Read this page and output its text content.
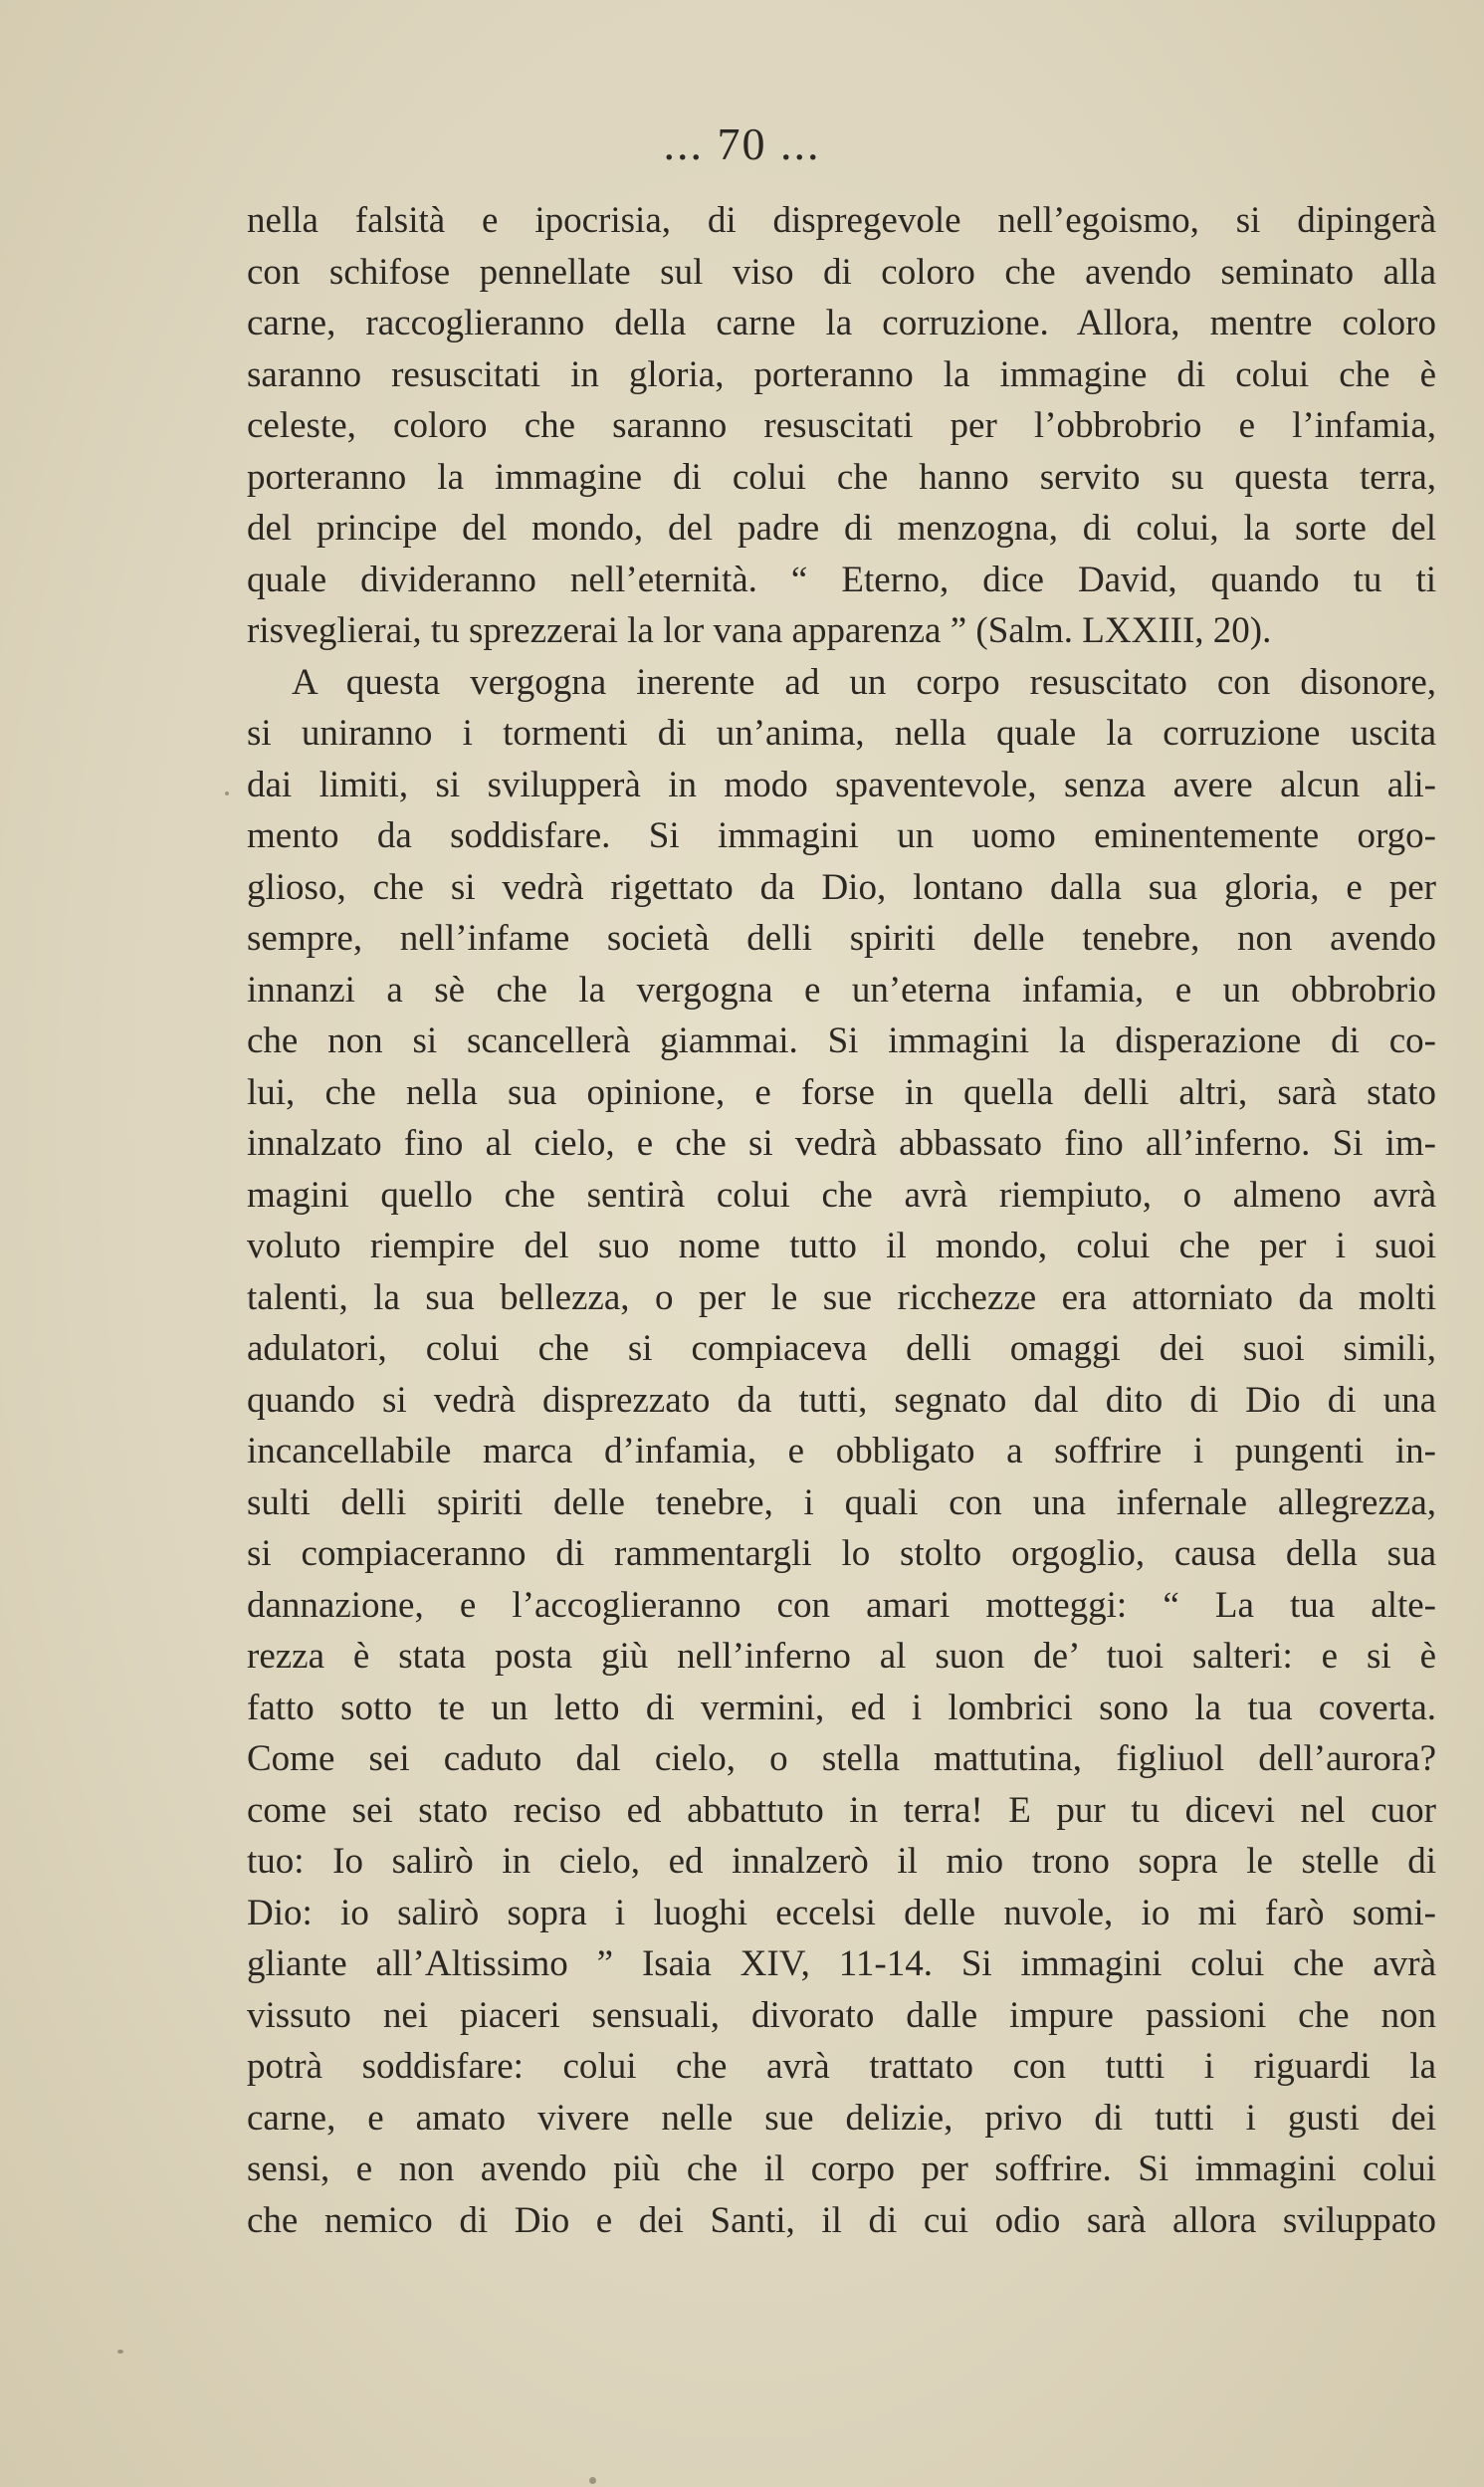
... 70 ...
nella falsità e ipocrisia, di dispregevole nell’egoismo, si dipingerà
con schifose pennellate sul viso di coloro che avendo seminato alla
carne, raccoglieranno della carne la corruzione. Allora, mentre coloro
saranno resuscitati in gloria, porteranno la immagine di colui che è
celeste, coloro che saranno resuscitati per l’obbrobrio e l’infamia,
porteranno la immagine di colui che hanno servito su questa terra,
del principe del mondo, del padre di menzogna, di colui, la sorte del
quale divideranno nell’eternità. “ Eterno, dice David, quando tu ti
risveglierai, tu sprezzerai la lor vana apparenza ” (Salm. LXXIII, 20).
A questa vergogna inerente ad un corpo resuscitato con disonore,
si uniranno i tormenti di un’anima, nella quale la corruzione uscita
dai limiti, si svilupperà in modo spaventevole, senza avere alcun ali-
mento da soddisfare. Si immagini un uomo eminentemente orgo-
glioso, che si vedrà rigettato da Dio, lontano dalla sua gloria, e per
sempre, nell’infame società delli spiriti delle tenebre, non avendo
innanzi a sè che la vergogna e un’eterna infamia, e un obbrobrio
che non si scancellerà giammai. Si immagini la disperazione di co-
lui, che nella sua opinione, e forse in quella delli altri, sarà stato
innalzato fino al cielo, e che si vedrà abbassato fino all’inferno. Si im-
magini quello che sentirà colui che avrà riempiuto, o almeno avrà
voluto riempire del suo nome tutto il mondo, colui che per i suoi
talenti, la sua bellezza, o per le sue ricchezze era attorniato da molti
adulatori, colui che si compiaceva delli omaggi dei suoi simili,
quando si vedrà disprezzato da tutti, segnato dal dito di Dio di una
incancellabile marca d’infamia, e obbligato a soffrire i pungenti in-
sulti delli spiriti delle tenebre, i quali con una infernale allegrezza,
si compiaceranno di rammentargli lo stolto orgoglio, causa della sua
dannazione, e l’accoglieranno con amari motteggi: “ La tua alte-
rezza è stata posta giù nell’inferno al suon de’ tuoi salteri: e si è
fatto sotto te un letto di vermini, ed i lombrici sono la tua coverta.
Come sei caduto dal cielo, o stella mattutina, figliuol dell’aurora?
come sei stato reciso ed abbattuto in terra! E pur tu dicevi nel cuor
tuo: Io salirò in cielo, ed innalzerò il mio trono sopra le stelle di
Dio: io salirò sopra i luoghi eccelsi delle nuvole, io mi farò somi-
gliante all’Altissimo ” Isaia XIV, 11-14. Si immagini colui che avrà
vissuto nei piaceri sensuali, divorato dalle impure passioni che non
potrà soddisfare: colui che avrà trattato con tutti i riguardi la
carne, e amato vivere nelle sue delizie, privo di tutti i gusti dei
sensi, e non avendo più che il corpo per soffrire. Si immagini colui
che nemico di Dio e dei Santi, il di cui odio sarà allora sviluppato
